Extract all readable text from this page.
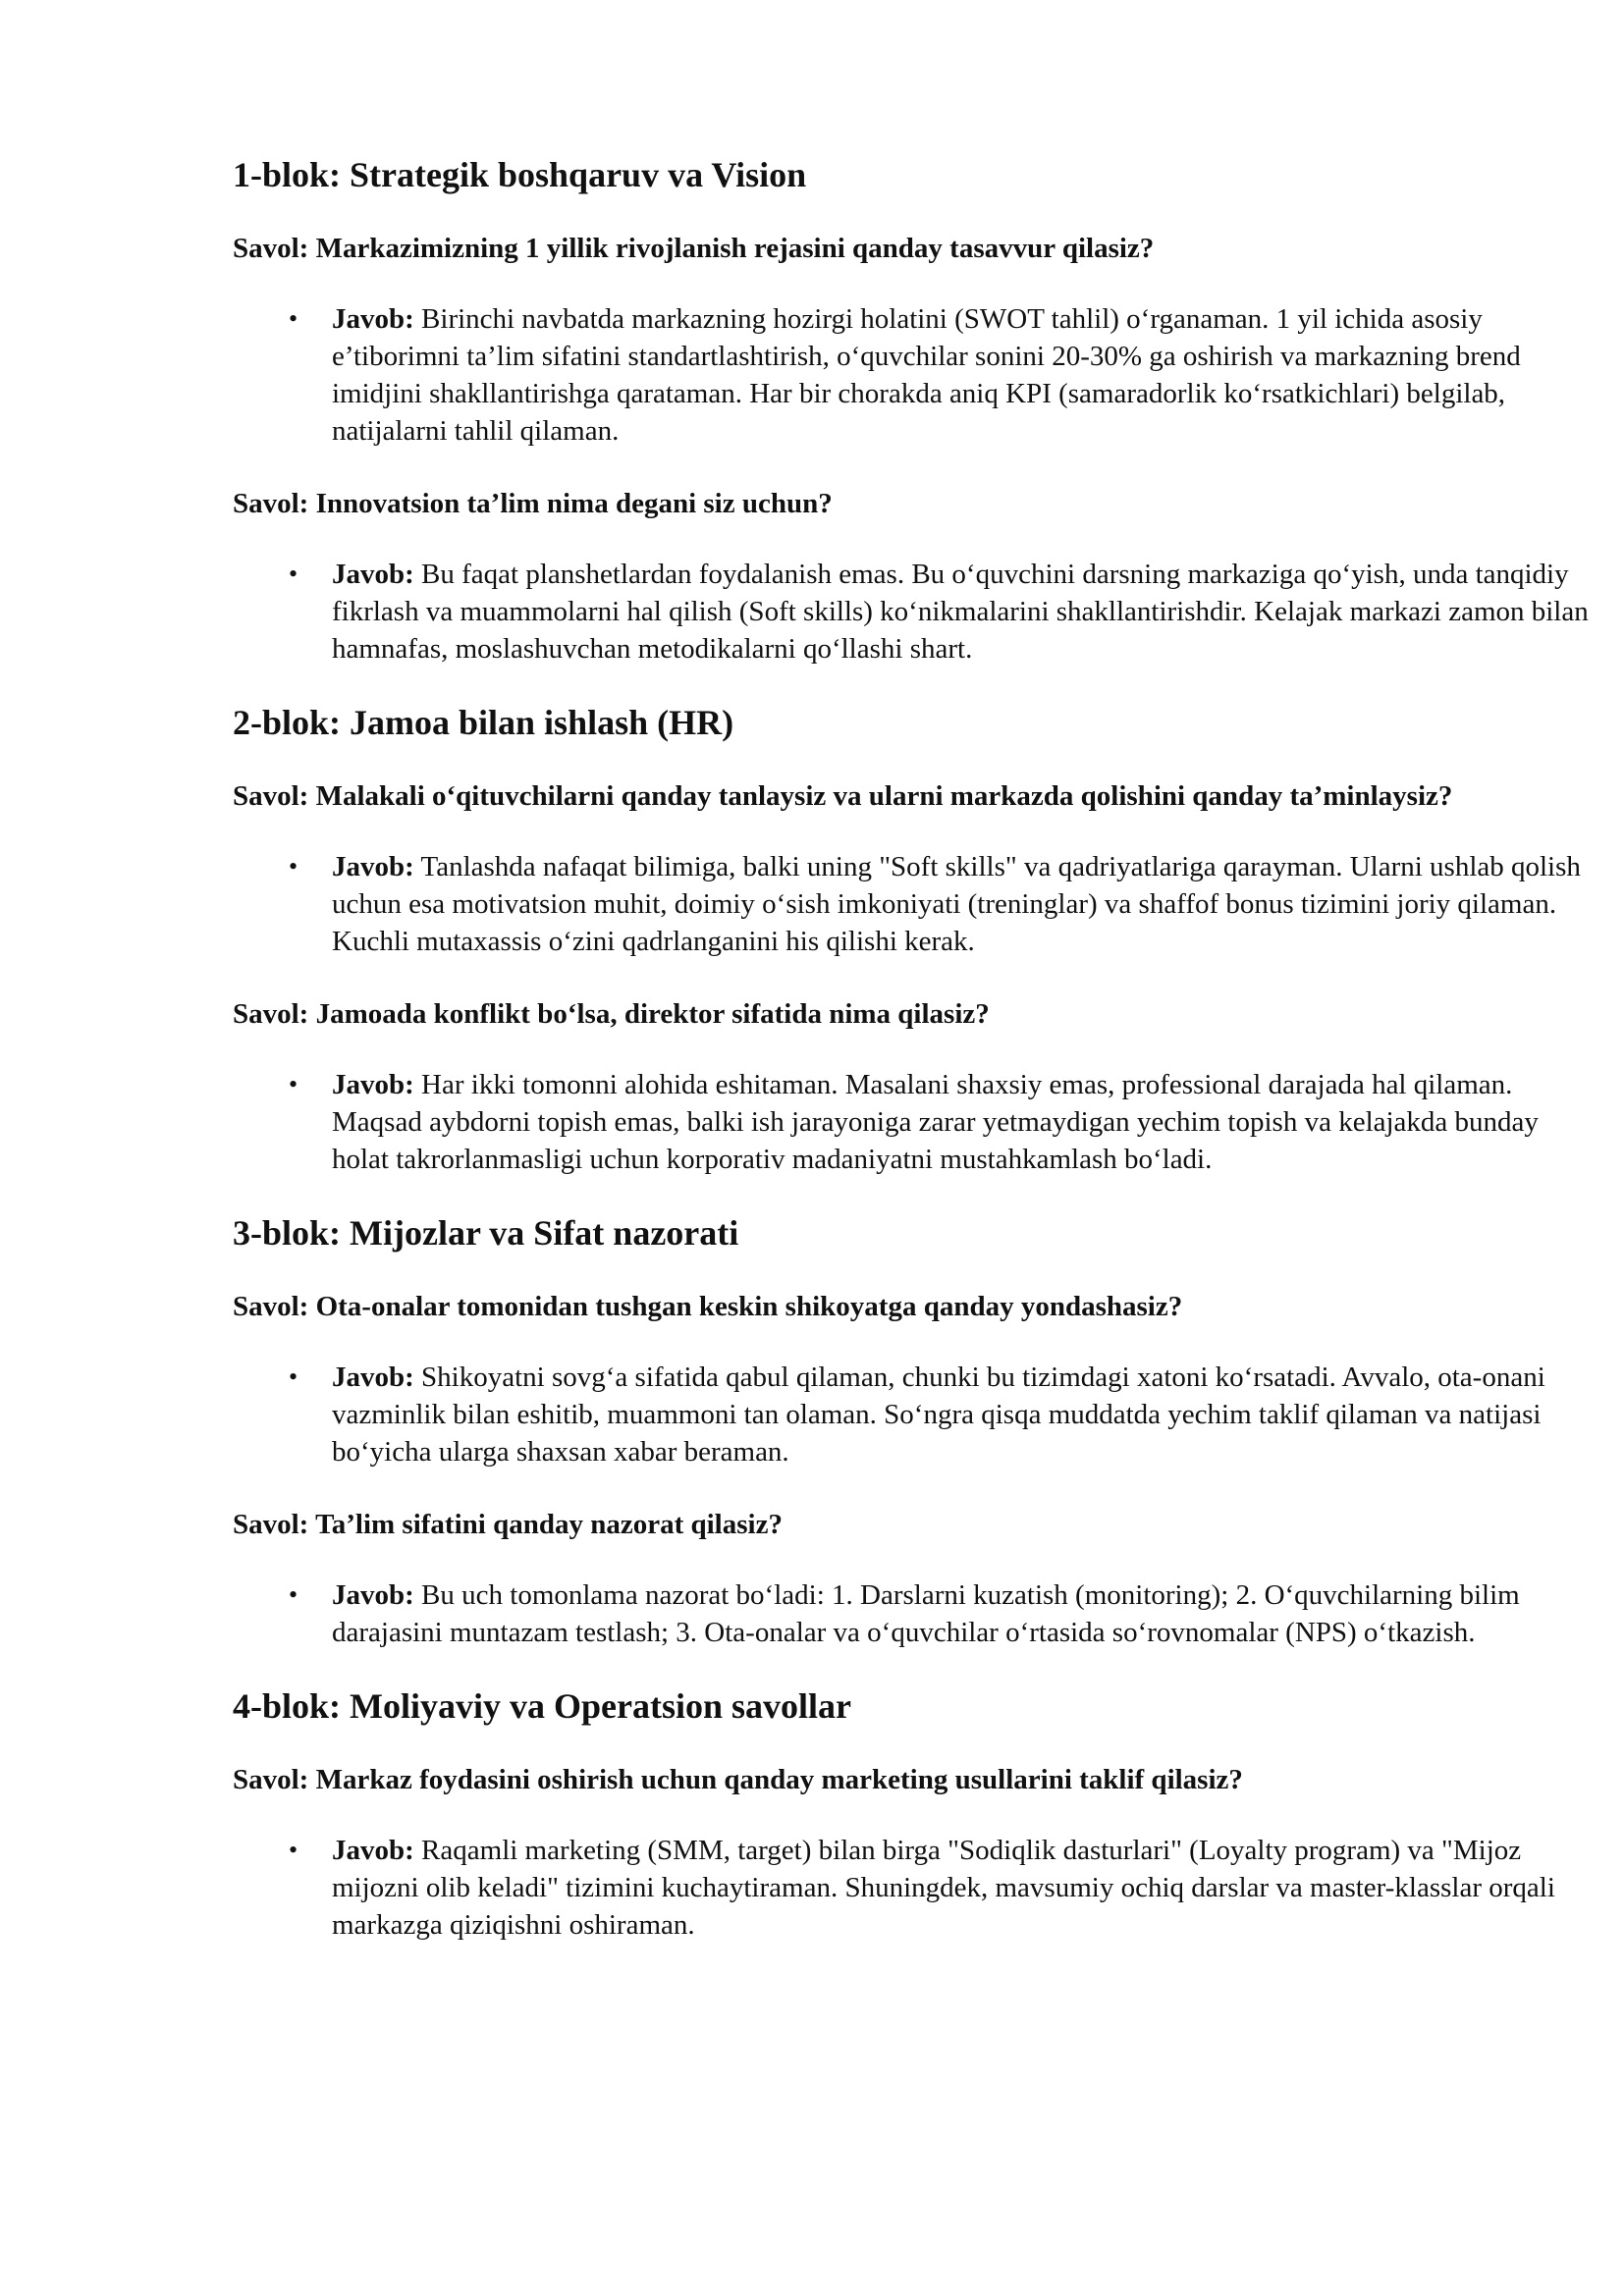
1-blok: Strategik boshqaruv va Vision

Savol: Markazimizning 1 yillik rivojlanish rejasini qanday tasavvur qilasiz?

• Javob: Birinchi navbatda markazning hozirgi holatini (SWOT tahlil) o‘rganaman. 1 yil ichida asosiy e’tiborimni ta’lim sifatini standartlashtirish, o‘quvchilar sonini 20-30% ga oshirish va markazning brend imidjini shakllantirishga qarataman. Har bir chorakda aniq KPI (samaradorlik ko‘rsatkichlari) belgilab, natijalarni tahlil qilaman.

Savol: Innovatsion ta’lim nima degani siz uchun?

• Javob: Bu faqat planshetlardan foydalanish emas. Bu o‘quvchini darsning markaziga qo‘yish, unda tanqidiy fikrlash va muammolarni hal qilish (Soft skills) ko‘nikmalarini shakllantirishdir. Kelajak markazi zamon bilan hamnafas, moslashuvchan metodikalarni qo‘llashi shart.
2-blok: Jamoa bilan ishlash (HR)

Savol: Malakali o‘qituvchilarni qanday tanlaysiz va ularni markazda qolishini qanday ta’minlaysiz?

• Javob: Tanlashda nafaqat bilimiga, balki uning "Soft skills" va qadriyatlariga qarayman. Ularni ushlab qolish uchun esa motivatsion muhit, doimiy o‘sish imkoniyati (treninglar) va shaffof bonus tizimini joriy qilaman. Kuchli mutaxassis o‘zini qadrlanganini his qilishi kerak.

Savol: Jamoada konflikt bo‘lsa, direktor sifatida nima qilasiz?

• Javob: Har ikki tomonni alohida eshitaman. Masalani shaxsiy emas, professional darajada hal qilaman. Maqsad aybdorni topish emas, balki ish jarayoniga zarar yetmaydigan yechim topish va kelajakda bunday holat takrorlanmasligi uchun korporativ madaniyatni mustahkamlash bo‘ladi.
3-blok: Mijozlar va Sifat nazorati

Savol: Ota-onalar tomonidan tushgan keskin shikoyatga qanday yondashasiz?

• Javob: Shikoyatni sovg‘a sifatida qabul qilaman, chunki bu tizimdagi xatoni ko‘rsatadi. Avvalo, ota-onani vazminlik bilan eshitib, muammoni tan olaman. So‘ngra qisqa muddatda yechim taklif qilaman va natijasi bo‘yicha ularga shaxsan xabar beraman.

Savol: Ta’lim sifatini qanday nazorat qilasiz?

• Javob: Bu uch tomonlama nazorat bo‘ladi: 1. Darslarni kuzatish (monitoring); 2. O‘quvchilarning bilim darajasini muntazam testlash; 3. Ota-onalar va o‘quvchilar o‘rtasida so‘rovnomalar (NPS) o‘tkazish.
4-blok: Moliyaviy va Operatsion savollar

Savol: Markaz foydasini oshirish uchun qanday marketing usullarini taklif qilasiz?

• Javob: Raqamli marketing (SMM, target) bilan birga "Sodiqlik dasturlari" (Loyalty program) va "Mijoz mijozni olib keladi" tizimini kuchaytiraman. Shuningdek, mavsumiy ochiq darslar va master-klasslar orqali markazga qiziqishni oshiraman.
